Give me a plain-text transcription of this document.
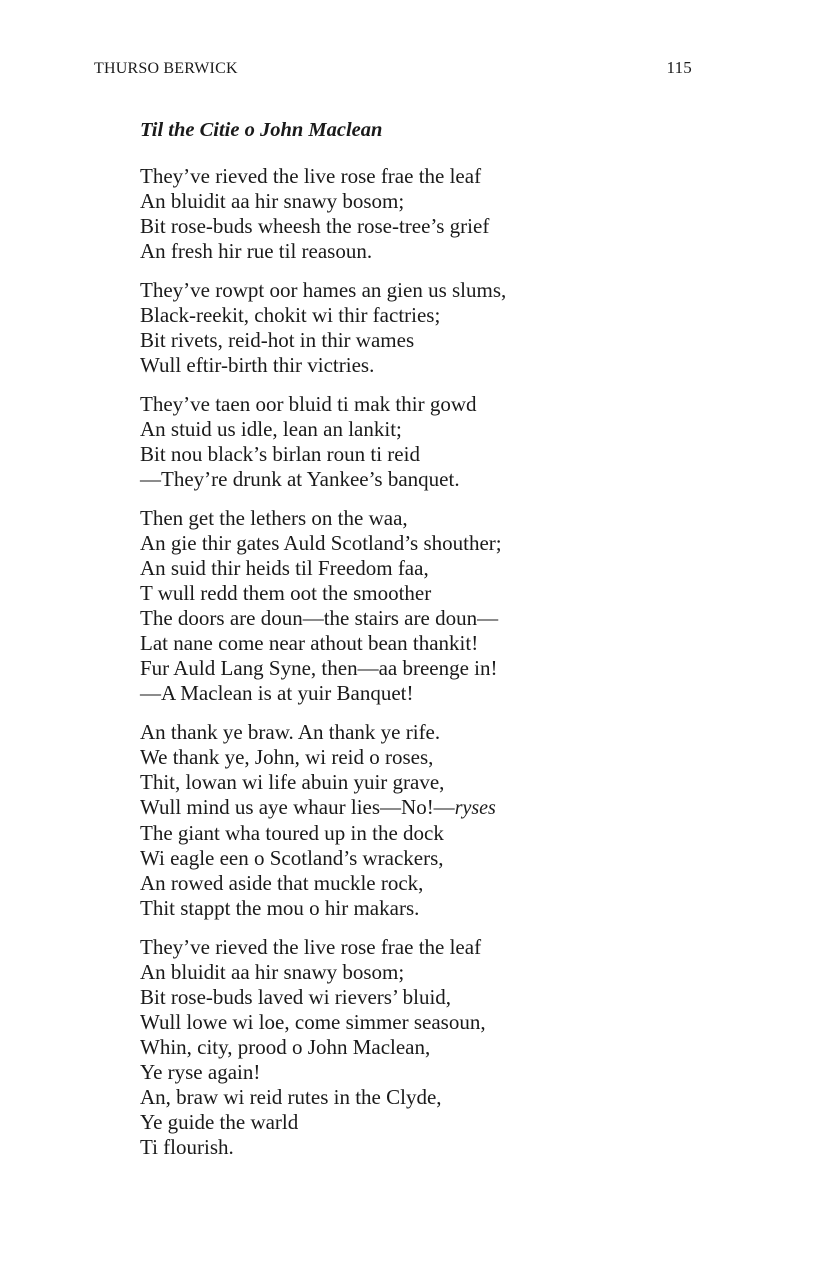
THURSO BERWICK	115
Til the Citie o John Maclean
They’ve rieved the live rose frae the leaf
An bluidit aa hir snawy bosom;
Bit rose-buds wheesh the rose-tree’s grief
An fresh hir rue til reasoun.
They’ve rowpt oor hames an gien us slums,
Black-reekit, chokit wi thir factries;
Bit rivets, reid-hot in thir wames
Wull eftir-birth thir victries.
They’ve taen oor bluid ti mak thir gowd
An stuid us idle, lean an lankit;
Bit nou black’s birlan roun ti reid
—They’re drunk at Yankee’s banquet.
Then get the lethers on the waa,
An gie thir gates Auld Scotland’s shouther;
An suid thir heids til Freedom faa,
T wull redd them oot the smoother
The doors are doun—the stairs are doun—
Lat nane come near athout bean thankit!
Fur Auld Lang Syne, then—aa breenge in!
—A Maclean is at yuir Banquet!
An thank ye braw. An thank ye rife.
We thank ye, John, wi reid o roses,
Thit, lowan wi life abuin yuir grave,
Wull mind us aye whaur lies—No!—ryses
The giant wha toured up in the dock
Wi eagle een o Scotland’s wrackers,
An rowed aside that muckle rock,
Thit stappt the mou o hir makars.
They’ve rieved the live rose frae the leaf
An bluidit aa hir snawy bosom;
Bit rose-buds laved wi rievers’ bluid,
Wull lowe wi loe, come simmer seasoun,
Whin, city, prood o John Maclean,
Ye ryse again!
An, braw wi reid rutes in the Clyde,
Ye guide the warld
Ti flourish.
